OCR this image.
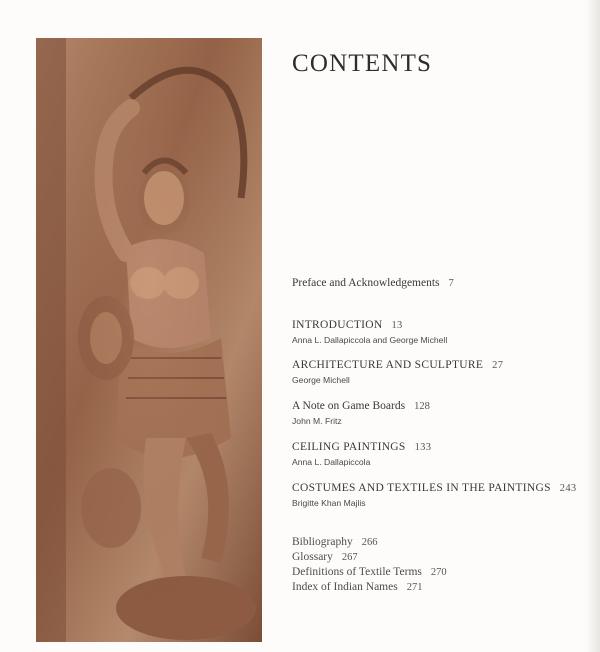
CONTENTS
Preface and Acknowledgements 7
INTRODUCTION 13
Anna L. Dallapiccola and George Michell
ARCHITECTURE AND SCULPTURE 27
George Michell
A Note on Game Boards 128
John M. Fritz
CEILING PAINTINGS 133
Anna L. Dallapiccola
COSTUMES AND TEXTILES IN THE PAINTINGS 243
Brigitte Khan Majlis
Bibliography 266
Glossary 267
Definitions of Textile Terms 270
Index of Indian Names 271
